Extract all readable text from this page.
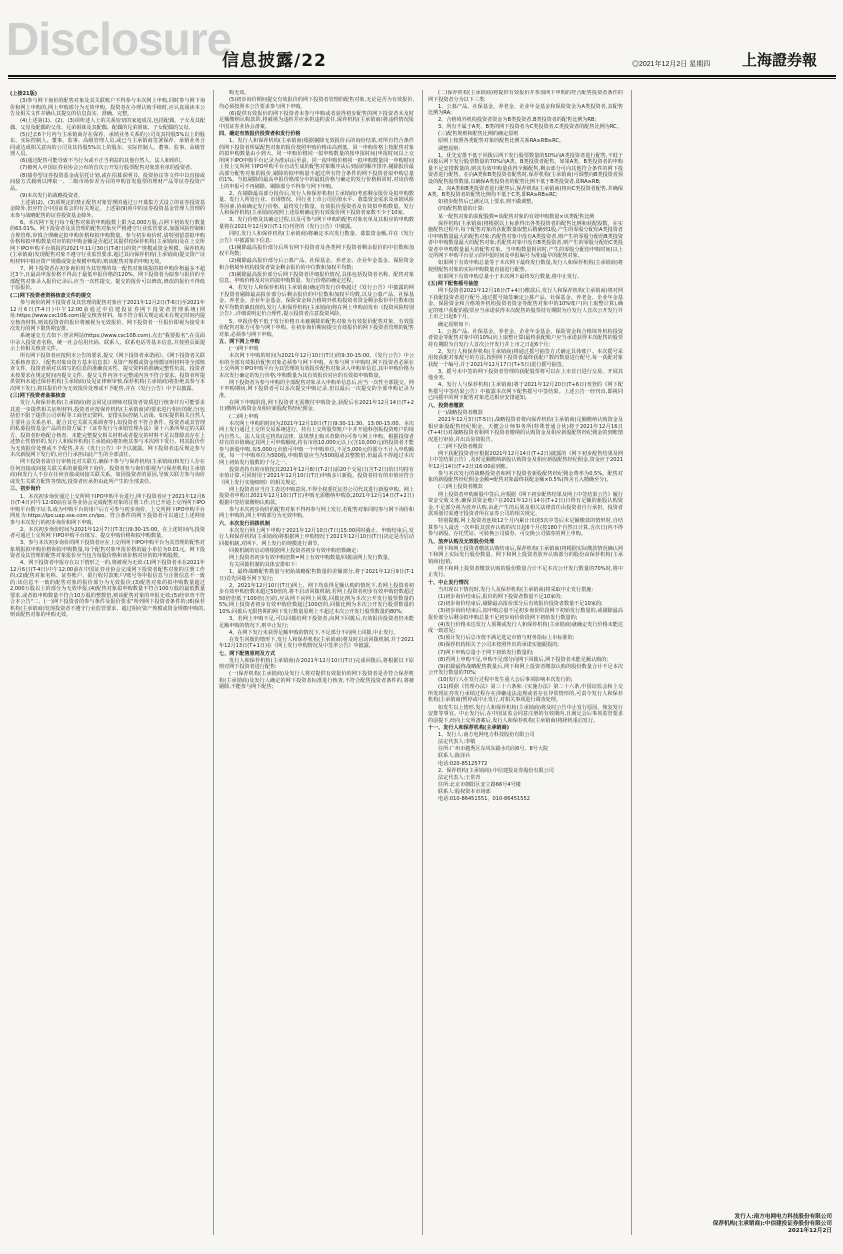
Disclosure
信息披露/22	◎2021年12月2日 星期四 上海證券報

(上接21版)

(3)参与网下询价的配售对象及其关联账户不得参与本次网上申购,同时参与网下询价和网上申购的,网上申购部分为无效申购。投资者在办理认购手续时,应认真阅读本公告及相关文件并确认其提交的信息真实、准确、完整。

(4)上述第(1)、(2)、(3)项所述人士的关系密切的家庭成员,包括配偶、子女及其配偶、父母及配偶的父母、兄弟姐妹及其配偶、配偶的兄弟姐妹、子女配偶的父母。

(5)过去6个月内与主承销商存在保荐、承销业务关系的公司及其持股5%以上的股东、实际控制人、董事、监事、高级管理人员,或已与主承销商签署保荐、承销业务合同或达成相关意向的公司及其持股5%以上的股东、实际控制人、董事、监事、高级管理人员。

(6)通过配售可能导致不当行为或不正当利益的其他自然人、法人和组织。

(7)被列入中国证券业协会公布的首次公开发行股票配售对象黑名单的投资者。

(8)债券型证券投资基金或信托计划,或在招募说明书、投资协议等文件中以直接或间接方式载明以博取一、二级市场价差为目的申购首发股票的理财产品等证券投资产品。

(9)本次发行的战略投资者。

上述第(2)、(3)项规定的禁止配售对象管理的通过公开募集方式设立的证券投资基金除外,但应符合中国证监会的有关规定。上述第(9)项中的证券投资基金管理人管理的未参与战略配售的证券投资基金除外。

6、本次网下发行每个配售对象的申购股数上限为2,000万股,占网下初始发行数量的63.01%。网下投资者及其管理的配售对象应严格遵守行业监管要求,加强风险控制和合规管理,审慎合理确定拟申购价格和拟申购数量。参与初步询价时,请特别留意拟申购价格和拟申购数量对应的拟申购金额是否超过其提供给保荐机构(主承销商)及在上交所网下IPO申购平台填报的2021年11月30日(T-8日)的资产规模或资金规模。保荐机构(主承销商)发现配售对象不遵守行业监管要求,超过其向保荐机构(主承销商)提交资产证明材料中相应资产规模或资金规模申购的,则该配售对象的申购无效。

7、网下投资者在初步询价时为其管理的每一配售对象填报的拟申购价格最多不超过3个,且最高申报价格不得高于最低申报价格的120%。网下投资者为拟参与报价的全部配售对象录入报价记录后,应当一次性提交。提交的报价可以修改,修改的报价不得低于原报价。

(二)网下投资者资格核查文件的提交

参与询价的网下投资者及其管理的配售对象应于2021年12月2日(T-6日)至2021年12月6日(T-4日)中午12:00前通过中信建投证券网下投资者管理系统(网址:https://www.csc108.com)提交核查材料。如不符合相关规定或未在规定时间内提交核查材料,则该投资者的报价将被视为无效报价。网下投资者一旦报价即视为接受本次发行的网下限售期安排。

系统递交方式如下:登录网站(https://www.csc108.com),点击"我要报名",在页面中录入投资者名称、统一社会信用代码、联系人、联系电话等基本信息,并按照页面提示上传相关核查文件。

所有网下投资者应按照本公告的要求,提交《网下投资者承诺函》、《网下投资者关联关系核查表》、《配售对象出资方基本信息表》及资产规模或资金规模证明材料等全部核查文件。投资者须对其填写的信息的准确真实性、提交资料的准确完整性负责。投资者未按要求在规定时间内提交文件、提交文件内容不完整或内容不符合要求、投资者所提供资料未通过保荐机构(主承销商)及见证律师审核,保荐机构(主承销商)将拒绝其参与本次网下发行,将其报价作为无效报价处理或不予配售,并在《发行公告》中予以披露。

(三)网下投资者备案核查

发行人和保荐机构(主承销商)将会同见证律师对投资者资质进行核查并有可能要求其进一步提供相关证明材料,投资者应按保荐机构(主承销商)的要求进行相应的配合(包括但不限于提供公司章程等工商登记资料、安排实际控制人访谈、如实提供相关自然人主要社会关系名单、配合其它关联关系调查等),如投资者不符合条件、投资者或其管理的私募投资基金产品的出资方属于《证券发行与承销管理办法》第十六条所界定的关联方、投资者拒绝配合核查、未能完整提交相关材料或者提交的材料不足以排除其存在上述禁止性情形的,发行人和保荐机构(主承销商)将拒绝其参与本次网下发行、将其报价作为无效报价处理或不予配售,并在《发行公告》中予以披露。网下投资者违反规定参与本次新股网下发行的,应自行承担由此产生的全部责任。

网下投资者需自行审核比对关联方,确保不参与与保荐机构(主承销商)和发行人存在任何直接或间接关联关系的新股网下询价。投资者参与询价即视为与保荐机构(主承销商)和发行人不存在任何直接或间接关联关系。如因投资者的原因,导致关联方参与询价或发生关联方配售等情况,投资者应承担由此所产生的全部责任。

三、初步询价

1、本次初步询价通过上交所网下IPO申购平台进行,网下投资者应于2021年12月6日(T-4日)中午12:00前在证券业协会完成配售对象的注册工作,且已开通上交所网下IPO申购平台数字证书,成为申购平台的用户后方可参与初步询价。上交所网下IPO申购平台网址为:https://ipo.uap.sse.com.cn/ipo。符合条件的网下投资者可以通过上述网址参与本次发行的初步询价和网下申购。

2、本次初步询价时间为2021年12月7日(T-3日)9:30-15:00。在上述时间内,投资者可通过上交所网下IPO申购平台填写、提交申购价格和拟申购数量。

3、参与本次初步询价的网下投资者应在上交所网下IPO申购平台为其管理的配售对象填报拟申购价格和拟申购数量,每个配售对象申报价格的最小单位为0.01元。网下投资者及其管理的配售对象报价应当包含每股价格和该价格对应的拟申购股数。

4、网下投资者申报存在以下情形之一的,将被视为无效:(1)网下投资者未在2021年12月6日(T-4日)中午12:00前在中国证券业协会完成网下投资者配售对象的注册工作的;(2)配售对象名称、证券账户、银行收付款账户/账号等申报信息与注册信息不一致的;该信息不一致的配售对象的报价部分为无效报价;(3)配售对象的拟申购数量超过2,000万股以上的部分为无效申报;(4)配售对象拟申购数量不符合100万股的最低数量要求,或者拟申购数量不符合10万股的整数倍,则该配售对象的申报无效;(5)经审查不符合本公告"二、(一)网下投资者的参与条件及报价要求"所列网下投资者条件的;(6)保荐机构(主承销商)发现投资者不遵守行业监管要求、超过相应资产规模或资金规模申购的,则该配售对象的申购无效。

购无效。

(5)初步询价期间提交有效报价的网下投资者管理的配售对象,无论是否为有效报价,均必须按照本公告要求参与网下申购。

(6)提供有效报价的网下投资者未参与申购或者获得初步配售的网下投资者未及时足额缴纳认购款的,将被视为违约并应承担违约责任,保荐机构(主承销商)将违约情况报中国证券业协会备案。

四、确定有效报价投资者和发行价格

1、发行人和保荐机构(主承销商)根据剔除无效报价后的询价结果,对所有符合条件的网下投资者所属配售对象的报价按照申购价格由高到低、同一申购价格上按配售对象的拟申购数量由小到大、同一申购价格同一拟申购数量的按申报时间(申报时间以上交所网下IPO申购平台记录为准)由后至前、同一拟申购价格同一拟申购数量同一申购时间上按上交所网下IPO申购平台自动生成的配售对象顺序从后到前的顺序排序,剔除报价最高部分配售对象的报价,剔除的拟申购量不超过所有符合条件的网下投资者拟申购总量的1%。当拟剔除的最高申报价格部分中的最低价格与确定的发行价格相同时,对该价格上的申报可不再剔除。剔除部分不得参与网下申购。

2、在剔除最高部分报价后,发行人和保荐机构(主承销商)考虑剩余报价及拟申购数量、发行人所处行业、市场情况、同行业上市公司估值水平、募集资金需求及承销风险等因素,协商确定发行价格、最终发行数量、有效报价投资者及有效拟申购数量。发行人和保荐机构(主承销商)按照上述原则确定的有效报价网下投资者家数不少于10家。

3、发行价格及其确定过程,以及可参与网下申购的配售对象名单及其相应的申购数量将在2021年12月9日(T-1日)刊登的《发行公告》中披露。

同时,发行人和保荐机构(主承销商)将确定本次发行数量、募集资金额,并在《发行公告》中披露如下信息:

(1)剔除最高报价部分后所有网下投资者及各类网下投资者剩余报价的中位数和加权平均数;

(2)剔除最高报价部分后公募产品、社保基金、养老金、企业年金基金、保险资金和合格境外机构投资者资金剩余报价的中位数和加权平均数;

(3)剔除最高报价部分后网下投资者详细报价情况,具体包括投资者名称、配售对象信息、申购价格及对应的拟申购数量、发行价格的确定过程。

4、若发行人和保荐机构(主承销商)确定的发行价格超过《发行公告》中披露的网下投资者剔除最高报价部分后剩余报价的中位数和加权平均数,以及公募产品、社保基金、养老金、企业年金基金、保险资金和合格境外机构投资者资金剩余报价中位数和加权平均数的孰低值的,发行人和保荐机构(主承销商)将在网上申购前发布《投资风险特别公告》,详细说明定价合理性,提示投资者注意投资风险。

5、申报价格不低于发行价格且未被剔除的配售对象为有效报价配售对象。有效报价配售对象方可参与网下申购。在初步询价期间提交有效报价的网下投资者管理的配售对象,必须参与网下申购。

五、网下网上申购

(一)网下申购

本次网下申购的时间为2021年12月10日(T日)的9:30-15:00。《发行公告》中公布的全部有效报价配售对象必须参与网下申购。在参与网下申购时,网下投资者必须在上交所网下IPO申购平台为其管理的有效报价配售对象录入申购单信息,其中申购价格为本次发行确定的发行价格;申购数量为其有效报价对应的有效拟申购数量。

网下投资者为参与申购的全部配售对象录入申购单信息后,应当一次性全部提交。网下申购期间,网下投资者可以多次提交申购记录,但以最后一次提交的全部申购记录为准。

在网下申购阶段,网下投资者无需缴付申购资金,获配后在2021年12月14日(T+2日)缴纳认购资金及相应新股配售经纪佣金。

(二)网上申购

本次网上申购的时间为2021年12月10日(T日)9:30-11:30、13:00-15:00。本次网上发行通过上交所交易系统进行。持有上交所股票账户卡并开通科创板投资账户的境内自然人、法人及其它机构(法律、法规禁止购买者除外)可参与网上申购。根据投资者持有的市值确定其网上可申购额度,持有市值10,000元以上(含10,000元)的投资者才能参与新股申购,每5,000元市值可申购一个申购单位,不足5,000元的部分不计入申购额度。每一个申购单位为500股,申购数量应当为500股或其整数倍,但最高不得超过本次网上初始发行股数的千分之一。

投资者持有的市值按其2021年12月8日(T-2日)前20个交易日(含T-2日)的日均持有市值计算,可同时用于2021年12月10日(T日)申购多只新股。投资者持有的市值应符合《网上发行实施细则》的相关规定。

网上投资者应当自主表达申购意向,不得全权委托证券公司代其进行新股申购。网上投资者申购日2021年12月10日(T日)申购无需缴纳申购款,2021年12月14日(T+2日)根据中签结果缴纳认购款。

参与本次初步询价的配售对象不得再参与网上发行,若配售对象同时参与网下询价和网上申购的,网上申购部分为无效申购。

六、本次发行回拨机制

本次发行网上网下申购于2021年12月10日(T日)15:00同时截止。申购结束后,发行人和保荐机构(主承销商)将根据网上申购情况于2021年12月10日(T日)决定是否启动回拨机制,对网下、网上发行的规模进行调节。

回拨机制的启动将根据网上投资者初步有效申购倍数确定:

网上投资者初步有效申购倍数=网上有效申购数量/回拨前网上发行数量。

有关回拨机制的具体安排如下:

1、最终战略配售数量与初始战略配售数量的差额部分,将于2021年12月9日(T-1日)首先回拨至网下发行;

2、2021年12月10日(T日)网上、网下均获得足额认购的情况下,若网上投资者初步有效申购倍数未超过50倍的,将不启动回拨机制;若网上投资者初步有效申购倍数超过50倍但低于100倍(含)的,应从网下向网上回拨,回拨比例为本次公开发行股票数量的5%;网上投资者初步有效申购倍数超过100倍的,回拨比例为本次公开发行股票数量的10%;回拨后无限售期的网下发行数量原则上不超过本次公开发行股票数量的80%;

3、若网上申购不足,可以回拨给网下投资者,向网下回拨后,有效报价投资者仍未能足额申购的情况下,则中止发行;

4、在网下发行未获得足额申购的情况下,不足部分不向网上回拨,中止发行。

在发生回拨的情形下,发行人和保荐机构(主承销商)将及时启动回拨机制,并于2021年12月13日(T+1日)在《网上发行申购情况及中签率公告》中披露。

七、网下配售原则及方式

发行人和保荐机构(主承销商)在2021年12月10日(T日)完成回拨后,将根据以下原则对网下投资者进行配售:

(一)保荐机构(主承销商)及发行人将对提供有效报价的网下投资者是否符合保荐机构(主承销商)及发行人确定的网下投资者标准进行核查,不符合配售投资者条件的,将被剔除,不能参与网下配售;

(二)保荐机构(主承销商)将提供有效报价并参加网下申购的符合配售投资者条件的网下投资者分为以下三类:

1、公募产品、社保基金、养老金、企业年金基金和保险资金为A类投资者,其配售比例为RA;

2、合格境外机构投资者资金为B类投资者,B类投资者的配售比例为RB;

3、所有不属于A类、B类的网下投资者为C类投资者,C类投资者的配售比例为RC。

(三)配售规则和配售比例的确定原则

原则上按照各类配售对象的配售比例关系RA≥RB≥RC。

调整原则:

1、优先安排不低于回拨后网下发行股票数量的50%向A类投资者进行配售,不低于回拨后网下发行股票数量的70%向A类、B类投资者配售。如果A类、B类投资者的申购量不足安排数量的,则其有效申购量获得全额配售,剩余部分可向其他符合条件的网下投资者进行配售。在向A类和B类投资者配售时,保荐机构(主承销商)可调整向B类投资者预设的配售股票数量,以确保A类投资者的配售比例不低于B类投资者,即RA≥RB;

2、向A类和B类投资者进行配售后,保荐机构(主承销商)将向C类投资者配售,并确保A类、B类投资者的配售比例均不低于C类,即RA≥RB≥RC;

如初步配售后已满足以上要求,则不做调整。

(四)配售数量的计算:

某一配售对象的获配股数=该配售对象的有效申购数量×该类配售比例

保荐机构(主承销商)将根据以上标准得出各类投资者的配售比例和获配股数。在实施配售过程中,每个配售对象的获配数量取整后精确到1股,产生的零股分配给A类投资者中申购数量最大的配售对象;若配售对象中没有A类投资者,则产生的零股分配给B类投资者中申购数量最大的配售对象;若配售对象中没有B类投资者,则产生的零股分配给C类投资者中申购数量最大的配售对象。当申购数量相同时,产生的零股分配给申购时间(以上交所网下申购平台显示的申报时间及申报编号为准)最早的配售对象。

如果网下有效申购总量等于本次网下最终发行数量,发行人和保荐机构(主承销商)将按照配售对象的实际申购数量直接进行配售。

如果网下有效申购总量小于本次网下最终发行数量,将中止发行。

(五)网下配售摇号抽签

网下投资者2021年12月16日(T+4日)缴款后,发行人和保荐机构(主承销商)将对网下获配投资者进行配号,通过摇号抽签确定公募产品、社保基金、养老金、企业年金基金、保险资金和合格境外机构投资者资金等配售对象中的10%账户(向上取整计算),确定的账户获配的股票应当承诺获得本次配售的股票持有期限为自发行人首次公开发行并上市之日起6个月。

确定原则如下:

1、公募产品、社保基金、养老金、企业年金基金、保险资金和合格境外机构投资者资金等配售对象中的10%(向上取整计算)最终获配账户应当承诺获得本次配售的股票持有期限为自发行人首次公开发行并上市之日起6个月;

2、发行人和保荐机构(主承销商)将通过摇号抽签方式确定具体账户。本次摇号采用按获配对象配号的方法,按照网下投资者最终获配户数的数量进行配号,每一获配对象获配一个编号,并于2021年12月17日(T+5日)进行摇号抽签。

3、摇号未中签的网下投资者管理的获配股票将可以在上市首日进行交易、开展其他业务。

4、发行人与保荐机构(主承销商)将于2021年12月20日(T+6日)刊登的《网下配售摇号中签结果公告》中披露本次网下配售摇号中签结果。上述公告一经刊出,即视同已向摇中的网下配售对象送达相应安排通知。

八、投资者缴款

(一)战略投资者缴款

2021年12月3日(T-5日),战略投资者将向保荐机构(主承销商)足额缴纳认购资金及相应新股配售经纪佣金。天健会计师事务所(特殊普通合伙)将于2021年12月16日(T+4日)对战略投资者和网下投资者缴纳的认购资金及相应新股配售经纪佣金的到账情况进行审验,并出具验资报告。

(二)网下投资者缴款

网下获配投资者应根据2021年12月14日(T+2日)披露的《网下初步配售结果及网上中签结果公告》,及时足额缴纳新股认购资金及相应新股配售经纪佣金,资金应于2021年12月14日(T+2日)16:00前到账。

参与本次发行的战略投资者和网下投资者新股配售经纪佣金费率为0.5%。配售对象的新股配售经纪佣金金额=配售对象最终获配金额×0.5%(四舍五入精确至分)。

(三)网上投资者缴款

网上投资者申购新股中签后,应根据《网下初步配售结果及网上中签结果公告》履行资金交收义务,确保其资金账户在2021年12月14日(T+2日)日终有足额的新股认购资金,不足部分视为放弃认购,由此产生的后果及相关法律责任由投资者自行承担。投资者款项划付需遵守投资者所在证券公司的相关规定。

特别提醒,网上投资者连续12个月内累计出现3次中签后未足额缴款的情形时,自结算参与人最近一次申报其放弃认购的次日起6个月(按180个自然日计算,含次日)内不得参与新股、存托凭证、可转换公司债券、可交换公司债券的网上申购。

九、放弃认购及无效股份处理

网下和网上投资者缴款认购结束后,保荐机构(主承销商)将根据实际缴款情况确认网下和网上实际发行股份数量。网下和网上投资者放弃认购部分的股份由保荐机构(主承销商)包销。

网下和网上投资者缴款认购的股份数量合计不足本次公开发行数量的70%时,将中止发行。

十、中止发行情况

当出现以下情况时,发行人及保荐机构(主承销商)将采取中止发行措施:

(1)初步询价结束后,报价的网下投资者数量不足10家的;

(2)初步询价结束后,剔除最高报价部分后有效报价投资者数量不足10家的;

(3)初步询价结束后,拟申购总量不足初步询价阶段网下初始发行数量的,或剔除最高报价部分后剩余拟申购总量不足初步询价阶段网下初始发行数量的;

(4)发行价格未达发行人预期或发行人和保荐机构(主承销商)就确定发行价格未能达成一致意见;

(5)预计发行后总市值不满足选定市值与财务指标上市标准的;

(6)保荐机构相关子公司未按照作出的承诺实施跟投的;

(7)网下申购总量小于网下初始发行数量的;

(8)若网上申购不足,申购不足部分向网下回拨后,网下投资者未能足额认购的;

(9)扣除最终战略配售数量后,网下和网上投资者缴款认购的股份数量合计不足本次公开发行数量的70%;

(10)发行人在发行过程中发生重大会后事项影响本次发行的;

(11)根据《管理办法》第三十六条和《实施办法》第二十六条,中国证监会和上交所发现证券发行承销过程存在涉嫌违法违规或者存在异常情形的,可责令发行人和保荐机构(主承销商)暂停或中止发行,对相关事项进行调查处理。

如发生以上情形,发行人和保荐机构(主承销商)将及时公告中止发行原因、恢复发行安排等事宜。中止发行后,在中国证监会同意注册的有效期内,且满足会后事项监管要求的前提下,经向上交所备案后,发行人和保荐机构(主承销商)将择机重启发行。

十一、发行人和保荐机构(主承销商)

1、发行人:南方电网电力科技股份有限公司

法定代表人:李敏

住所:广州市越秀区东风东路水均岗6号、8号大院

联系人:陈泽兵

电话:020-85125772

2、保荐机构(主承销商):中信建投证券股份有限公司

法定代表人:王常青

住所:北京市朝阳区安立路66号4号楼

联系人:股权资本市场部

电话:010-86451551、010-86451552

发行人:南方电网电力科技股份有限公司
保荐机构(主承销商):中信建投证券股份有限公司
2021年12月2日
